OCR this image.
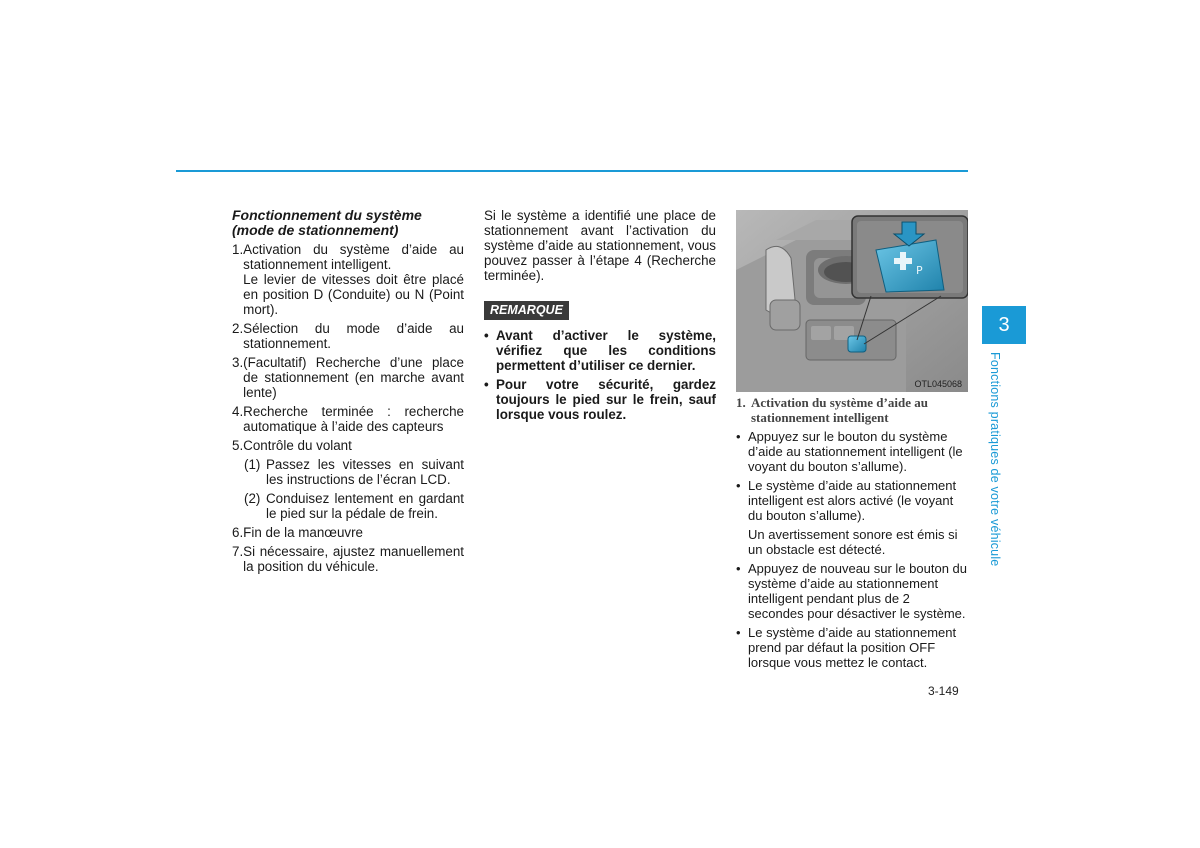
Fonctionnement du système (mode de stationnement)
1. Activation du système d’aide au stationnement intelligent.
Le levier de vitesses doit être placé en position D (Conduite) ou N (Point mort).
2. Sélection du mode d’aide au stationnement.
3. (Facultatif) Recherche d’une place de stationnement (en marche avant lente)
4. Recherche terminée : recherche automatique à l’aide des capteurs
5. Contrôle du volant
(1) Passez les vitesses en suivant les instructions de l’écran LCD.
(2) Conduisez lentement en gardant le pied sur la pédale de frein.
6. Fin de la manœuvre
7. Si nécessaire, ajustez manuellement la position du véhicule.
Si le système a identifié une place de stationnement avant l’activation du système d’aide au stationnement, vous pouvez passer à l’étape 4 (Recherche terminée).
REMARQUE
• Avant d’activer le système, vérifiez que les conditions permettent d’utiliser ce dernier.
• Pour votre sécurité, gardez toujours le pied sur le frein, sauf lorsque vous roulez.
P
OTL045068
1. Activation du système d’aide au stationnement intelligent
• Appuyez sur le bouton du système d’aide au stationnement intelligent (le voyant du bouton s’allume).
• Le système d’aide au stationnement intelligent est alors activé (le voyant du bouton s’allume).
Un avertissement sonore est émis si un obstacle est détecté.
• Appuyez de nouveau sur le bouton du système d’aide au stationnement intelligent pendant plus de 2 secondes pour désactiver le système.
• Le système d’aide au stationnement prend par défaut la position OFF lorsque vous mettez le contact.
3
Fonctions pratiques de votre véhicule
3-149
